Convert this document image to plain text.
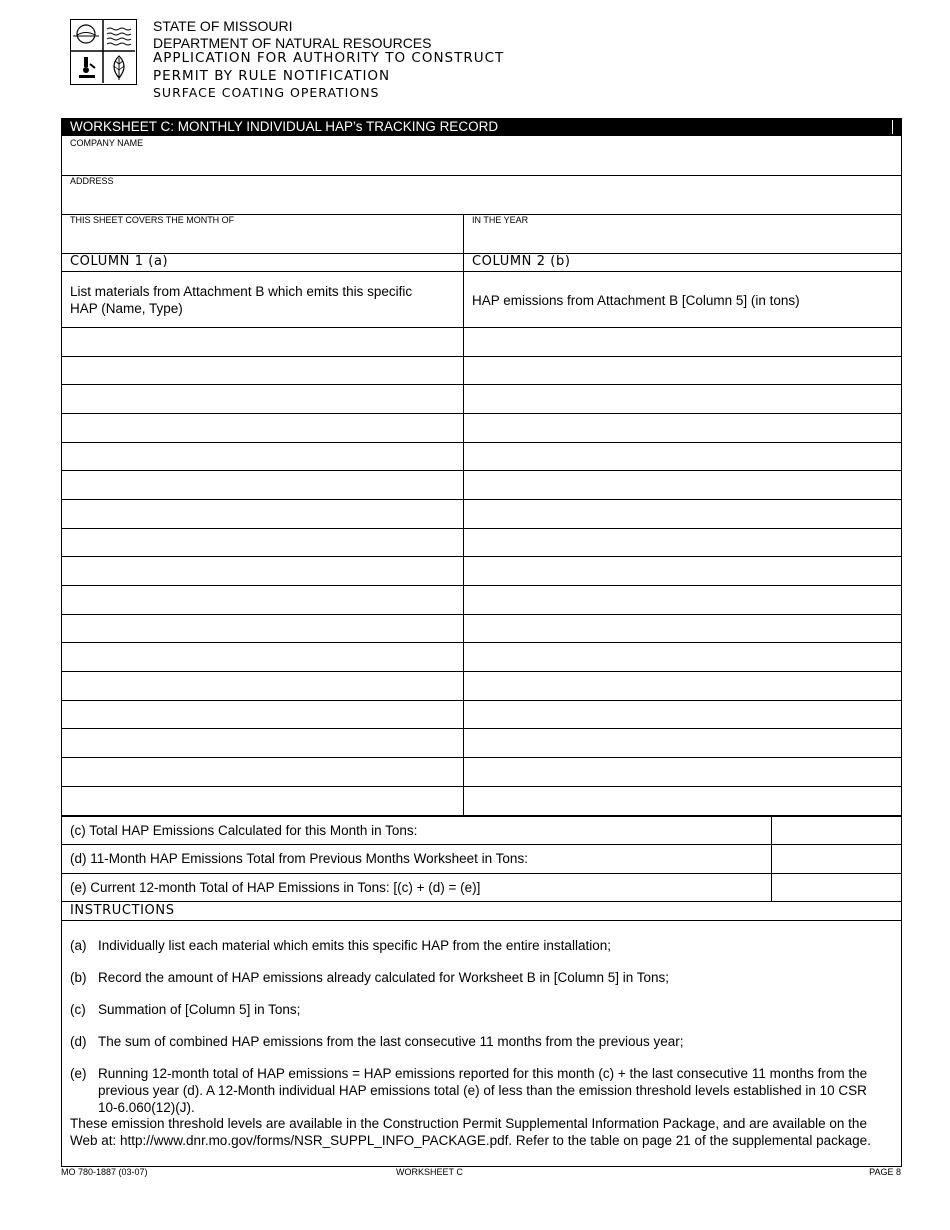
STATE OF MISSOURI
DEPARTMENT OF NATURAL RESOURCES
APPLICATION FOR AUTHORITY TO CONSTRUCT
PERMIT BY RULE NOTIFICATION
SURFACE COATING OPERATIONS
WORKSHEET C: MONTHLY INDIVIDUAL HAP’s TRACKING RECORD
COMPANY NAME
ADDRESS
THIS SHEET COVERS THE MONTH OF	IN THE YEAR
COLUMN 1 (a)	COLUMN 2 (b)
List materials from Attachment B which emits this specific
HAP (Name, Type)
HAP emissions from Attachment B [Column 5] (in tons)
(c) Total HAP Emissions Calculated for this Month in Tons:
(d) 11-Month HAP Emissions Total from Previous Months Worksheet in Tons:
(e) Current 12-month Total of HAP Emissions in Tons: [(c) + (d) = (e)]
INSTRUCTIONS
(a) Individually list each material which emits this specific HAP from the entire installation;
(b) Record the amount of HAP emissions already calculated for Worksheet B in [Column 5] in Tons;
(c) Summation of [Column 5] in Tons;
(d) The sum of combined HAP emissions from the last consecutive 11 months from the previous year;
(e) Running 12-month total of HAP emissions = HAP emissions reported for this month (c) + the last consecutive 11 months from the previous year (d). A 12-Month individual HAP emissions total (e) of less than the emission threshold levels established in 10 CSR 10-6.060(12)(J).
These emission threshold levels are available in the Construction Permit Supplemental Information Package, and are available on the Web at: http://www.dnr.mo.gov/forms/NSR_SUPPL_INFO_PACKAGE.pdf. Refer to the table on page 21 of the supplemental package.
MO 780-1887 (03-07)	WORKSHEET C	PAGE 8
